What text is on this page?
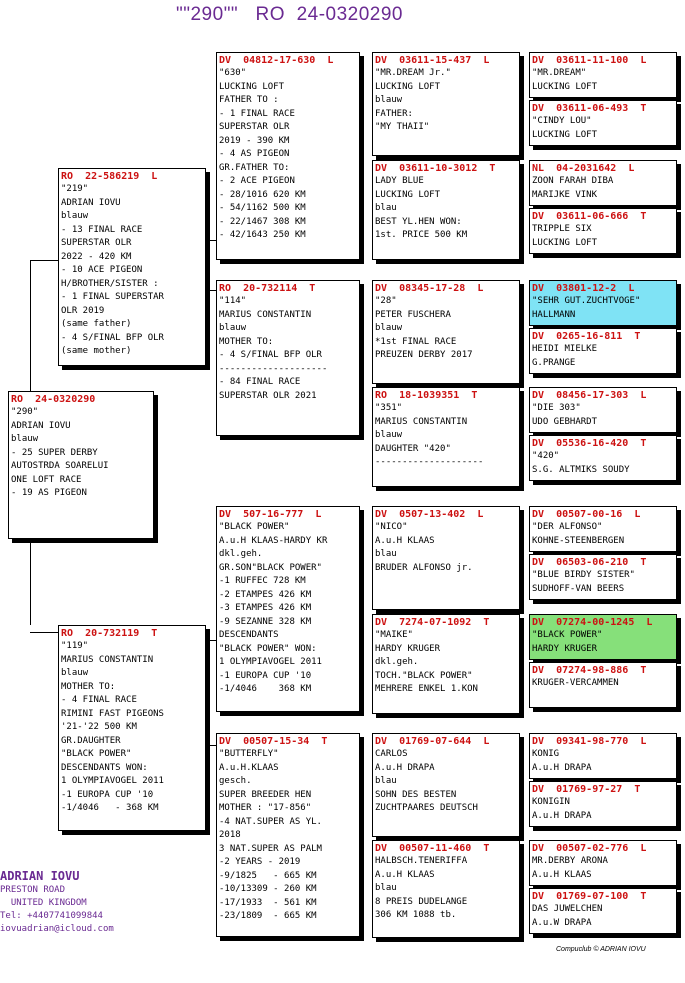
""290""   RO  24-0320290
RO  24-0320290
"290"
ADRIAN IOVU
blauw
- 25 SUPER DERBY
AUTOSTRDA SOARELUI
ONE LOFT RACE
- 19 AS PIGEON
RO  22-586219  L
"219"
ADRIAN IOVU
blauw
- 13 FINAL RACE
SUPERSTAR OLR
2022 - 420 KM
- 10 ACE PIGEON
H/BROTHER/SISTER :
- 1 FINAL SUPERSTAR
OLR 2019
(same father)
- 4 S/FINAL BFP OLR
(same mother)
RO  20-732119  T
"119"
MARIUS CONSTANTIN
blauw
MOTHER TO:
- 4 FINAL RACE
RIMINI FAST PIGEONS
'21-'22 500 KM
GR.DAUGHTER
"BLACK POWER"
DESCENDANTS WON:
1 OLYMPIAVOGEL 2011
-1 EUROPA CUP '10
-1/4046   - 368 KM
DV  04812-17-630  L
"630"
LUCKING LOFT
FATHER TO :
- 1 FINAL RACE
SUPERSTAR OLR
2019 - 390 KM
- 4 AS PIGEON
GR.FATHER TO:
- 2 ACE PIGEON
- 28/1016 620 KM
- 54/1162 500 KM
- 22/1467 308 KM
- 42/1643 250 KM
RO  20-732114  T
"114"
MARIUS CONSTANTIN
blauw
MOTHER TO:
- 4 S/FINAL BFP OLR
--------------------
- 84 FINAL RACE
SUPERSTAR OLR 2021
DV  507-16-777  L
"BLACK POWER"
A.u.H KLAAS-HARDY KR
dkl.geh.
GR.SON"BLACK POWER"
-1 RUFFEC 728 KM
-2 ETAMPES 426 KM
-3 ETAMPES 426 KM
-9 SEZANNE 328 KM
DESCENDANTS
"BLACK POWER" WON:
1 OLYMPIAVOGEL 2011
-1 EUROPA CUP '10
-1/4046    368 KM
DV  00507-15-34  T
"BUTTERFLY"
A.u.H.KLAAS
gesch.
SUPER BREEDER HEN
MOTHER : "17-856"
-4 NAT.SUPER AS YL.
2018
3 NAT.SUPER AS PALM
-2 YEARS - 2019
-9/1825   - 665 KM
-10/13309 - 260 KM
-17/1933  - 561 KM
-23/1809  - 665 KM
DV  03611-15-437  L
"MR.DREAM Jr."
LUCKING LOFT
blauw
FATHER:
"MY THAII"
DV  03611-10-3012  T
LADY BLUE
LUCKING LOFT
blau
BEST YL.HEN WON:
1st. PRICE 500 KM
DV  08345-17-28  L
"28"
PETER FUSCHERA
blauw
*1st FINAL RACE
PREUZEN DERBY 2017
RO  18-1039351  T
"351"
MARIUS CONSTANTIN
blauw
DAUGHTER "420"
--------------------
DV  0507-13-402  L
"NICO"
A.u.H KLAAS
blau
BRUDER ALFONSO jr.
DV  7274-07-1092  T
"MAIKE"
HARDY KRUGER
dkl.geh.
TOCH."BLACK POWER"
MEHRERE ENKEL 1.KON
DV  01769-07-644  L
CARLOS
A.u.H DRAPA
blau
SOHN DES BESTEN
ZUCHTPAARES DEUTSCH
DV  00507-11-460  T
HALBSCH.TENERIFFA
A.u.H KLAAS
blau
8 PREIS DUDELANGE
306 KM 1088 tb.
DV  03611-11-100  L
"MR.DREAM"
LUCKING LOFT
DV  03611-06-493  T
"CINDY LOU"
LUCKING LOFT
NL  04-2031642  L
ZOON FARAH DIBA
MARIJKE VINK
DV  03611-06-666  T
TRIPPLE SIX
LUCKING LOFT
DV  03801-12-2  L
"SEHR GUT.ZUCHTVOGE"
HALLMANN
DV  0265-16-811  T
HEIDI MIELKE
G.PRANGE
DV  08456-17-303  L
"DIE 303"
UDO GEBHARDT
DV  05536-16-420  T
"420"
S.G. ALTMIKS SOUDY
DV  00507-00-16  L
"DER ALFONSO"
KOHNE-STEENBERGEN
DV  06503-06-210  T
"BLUE BIRDY SISTER"
SUDHOFF-VAN BEERS
DV  07274-00-1245  L
"BLACK POWER"
HARDY KRUGER
DV  07274-98-886  T
KRUGER-VERCAMMEN
DV  09341-98-770  L
KONIG
A.u.H DRAPA
DV  01769-97-27  T
KONIGIN
A.u.H DRAPA
DV  00507-02-776  L
MR.DERBY ARONA
A.u.H KLAAS
DV  01769-07-100  T
DAS JUWELCHEN
A.u.W DRAPA
ADRIAN IOVU
PRESTON ROAD
UNITED KINGDOM
Tel: +4407741099844
iovuadrian@icloud.com
Compuclub © ADRIAN IOVU
